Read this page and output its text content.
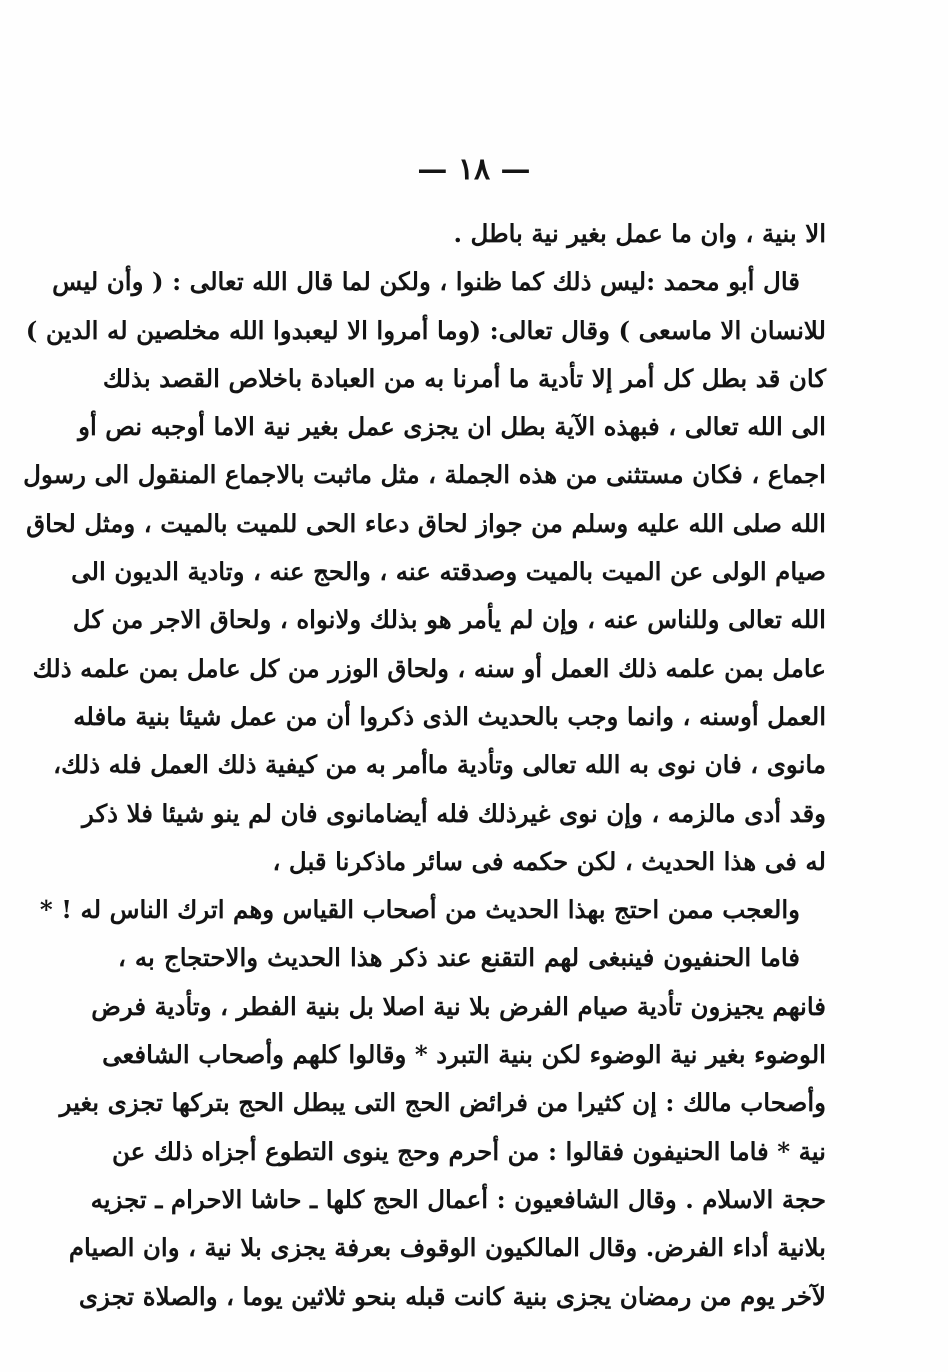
— ١٨ —
الا بنية ، وان ما عمل بغير نية باطل .
قال أبو محمد :ليس ذلك كما ظنوا ، ولكن لما قال الله تعالى : ( وأن ليس
للانسان الا ماسعى ) وقال تعالى: (وما أمروا الا ليعبدوا الله مخلصين له الدين )
كان قد بطل كل أمر إلا تأدية ما أمرنا به من العبادة باخلاص القصد بذلك
الى الله تعالى ، فبهذه الآية بطل ان يجزى عمل بغير نية الاما أوجبه نص أو
اجماع ، فكان مستثنى من هذه الجملة ، مثل ماثبت بالاجماع المنقول الى رسول
الله صلى الله عليه وسلم من جواز لحاق دعاء الحى للميت بالميت ، ومثل لحاق
صيام الولى عن الميت بالميت وصدقته عنه ، والحج عنه ، وتادية الديون الى
الله تعالى وللناس عنه ، وإن لم يأمر هو بذلك ولانواه ، ولحاق الاجر من كل
عامل بمن علمه ذلك العمل أو سنه ، ولحاق الوزر من كل عامل بمن علمه ذلك
العمل أوسنه ، وانما وجب بالحديث الذى ذكروا أن من عمل شيئا بنية مافله
مانوى ، فان نوى به الله تعالى وتأدية ماأمر به من كيفية ذلك العمل فله ذلك،
وقد أدى مالزمه ، وإن نوى غيرذلك فله أيضامانوى فان لم ينو شيئا فلا ذكر
له فى هذا الحديث ، لكن حكمه فى سائر ماذكرنا قبل ،
والعجب ممن احتج بهذا الحديث من أصحاب القياس وهم اترك الناس له ! *
فاما الحنفيون فينبغى لهم التقنع عند ذكر هذا الحديث والاحتجاج به ،
فانهم يجيزون تأدية صيام الفرض بلا نية اصلا بل بنية الفطر ، وتأدية فرض
الوضوء بغير نية الوضوء لكن بنية التبرد * وقالوا كلهم وأصحاب الشافعى
وأصحاب مالك : إن كثيرا من فرائض الحج التى يبطل الحج بتركها تجزى بغير
نية * فاما الحنيفون فقالوا : من أحرم وحج ينوى التطوع أجزاه ذلك عن
حجة الاسلام . وقال الشافعيون : أعمال الحج كلها ـ حاشا الاحرام ـ تجزيه
بلانية أداء الفرض. وقال المالكيون الوقوف بعرفة يجزى بلا نية ، وان الصيام
لآخر يوم من رمضان يجزى بنية كانت قبله بنحو ثلاثين يوما ، والصلاة تجزى
